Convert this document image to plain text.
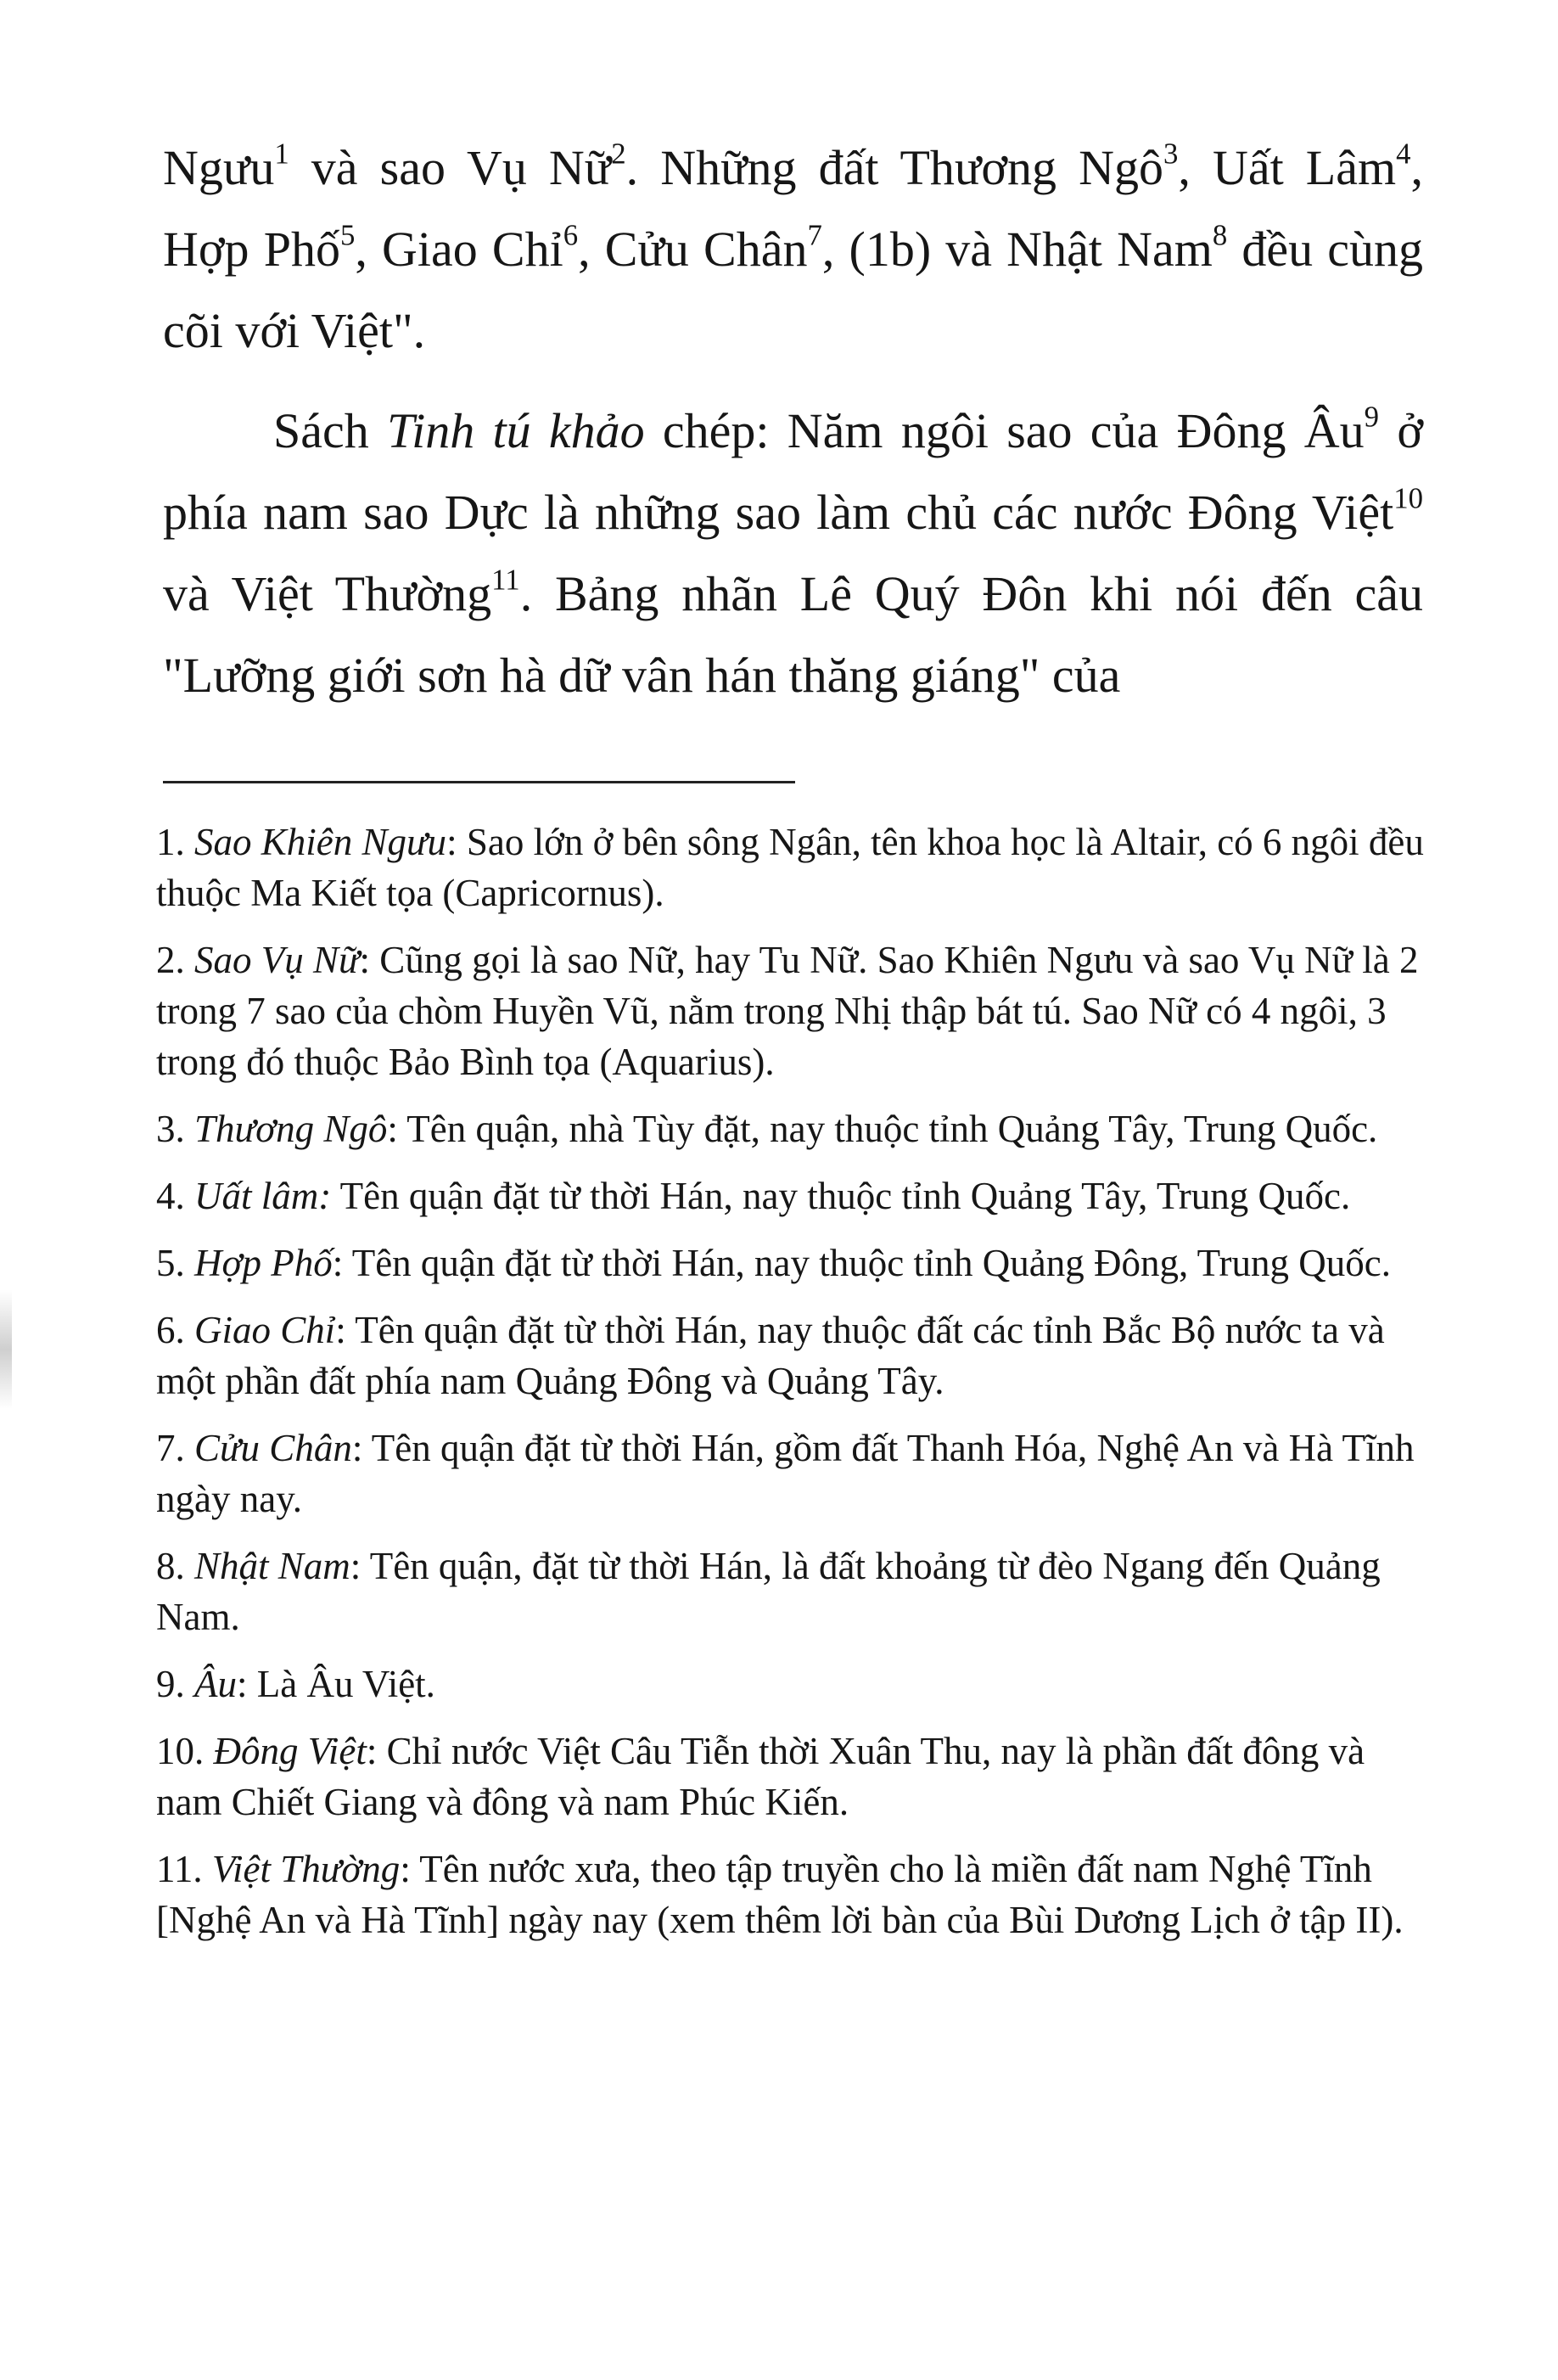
Ngưu$^1$ và sao Vụ Nữ$^2$. Những đất Thương Ngô$^3$, Uất Lâm$^4$, Hợp Phố$^5$, Giao Chỉ$^6$, Cửu Chân$^7$, (1b) và Nhật Nam$^8$ đều cùng cõi với Việt".

Sách Tinh tú khảo chép: Năm ngôi sao của Đông $Âu^9$ ở phía nam sao Dực là những sao làm chủ các nước Đông Việt$^{10}$ và Việt Thường$^{11}$. Bảng nhãn Lê Quý Đôn khi nói đến câu "Lưỡng giới sơn hà dữ vân hán thăng giáng" của

1. Sao Khiên Ngưu: Sao lớn ở bên sông Ngân, tên khoa học là Altair, có 6 ngôi đều thuộc Ma Kiết tọa (Capricornus).

2. Sao Vụ Nữ: Cũng gọi là sao Nữ, hay Tu Nữ. Sao Khiên Ngưu và sao Vụ Nữ là 2 trong 7 sao của chòm Huyền Vũ, nằm trong Nhị thập bát tú. Sao Nữ có 4 ngôi, 3 trong đó thuộc Bảo Bình tọa (Aquarius).

3. Thương Ngô: Tên quận, nhà Tùy đặt, nay thuộc tỉnh Quảng Tây, Trung Quốc.

4. Uất lâm: Tên quận đặt từ thời Hán, nay thuộc tỉnh Quảng Tây, Trung Quốc.

5. Hợp Phố: Tên quận đặt từ thời Hán, nay thuộc tỉnh Quảng Đông, Trung Quốc.

6. Giao Chỉ: Tên quận đặt từ thời Hán, nay thuộc đất các tỉnh Bắc Bộ nước ta và một phần đất phía nam Quảng Đông và Quảng Tây.

7. Cửu Chân: Tên quận đặt từ thời Hán, gồm đất Thanh Hóa, Nghệ An và Hà Tĩnh ngày nay.

8. Nhật Nam: Tên quận, đặt từ thời Hán, là đất khoảng từ đèo Ngang đến Quảng Nam.

9. Âu: Là Âu Việt.

10. Đông Việt: Chỉ nước Việt Câu Tiễn thời Xuân Thu, nay là phần đất đông và nam Chiết Giang và đông và nam Phúc Kiến.

11. Việt Thường: Tên nước xưa, theo tập truyền cho là miền đất nam Nghệ Tĩnh [Nghệ An và Hà Tĩnh] ngày nay (xem thêm lời bàn của Bùi Dương Lịch ở tập II).
